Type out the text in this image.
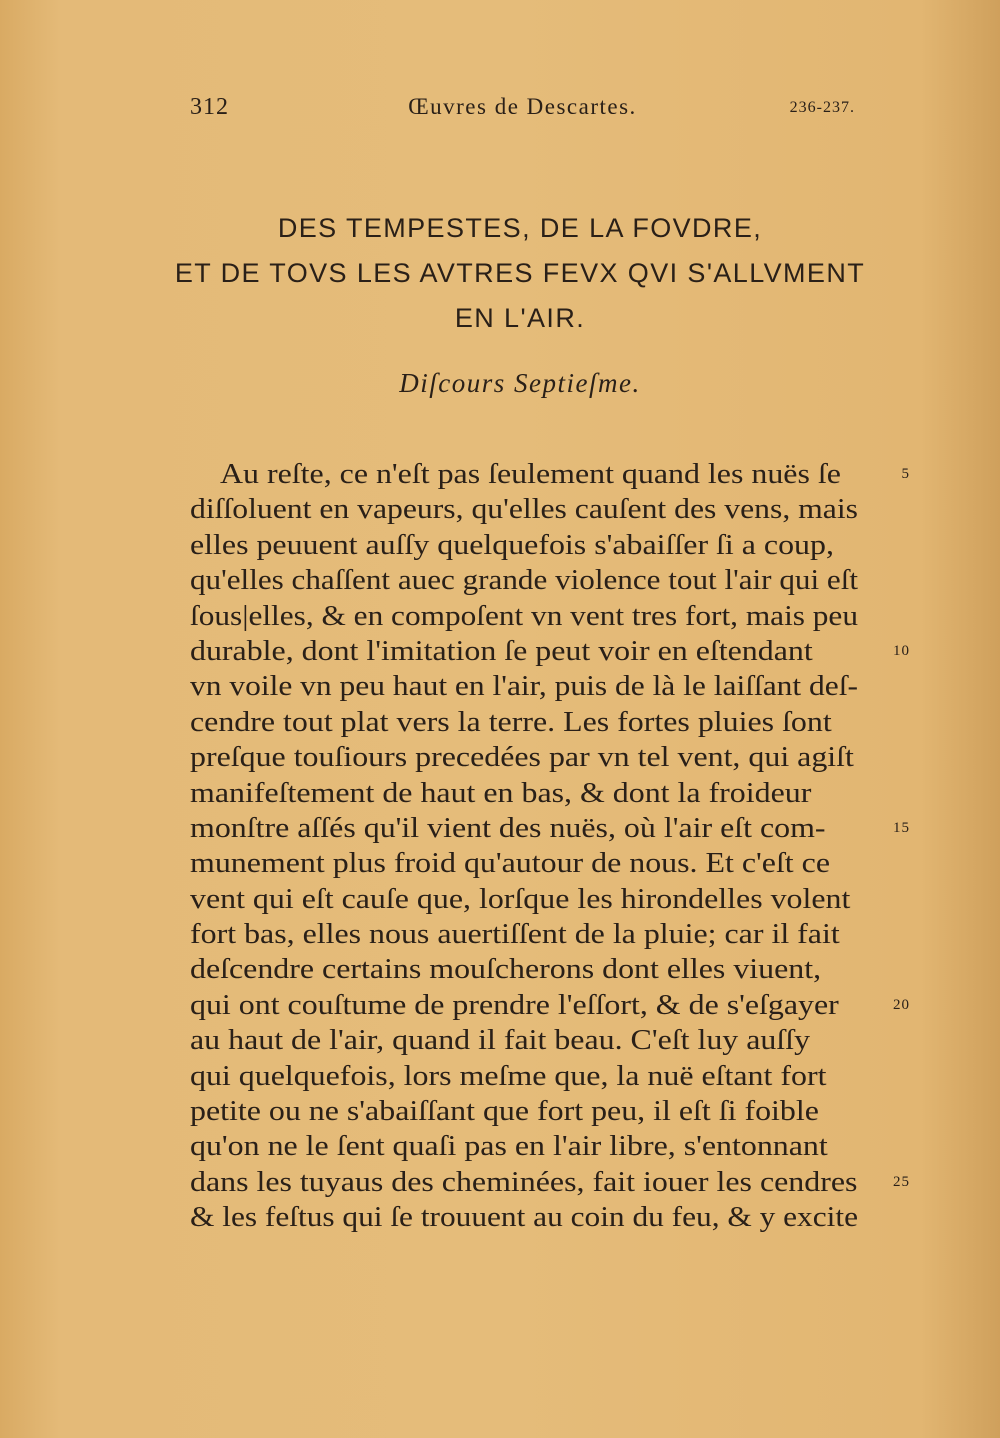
312	Œuvres de Descartes.	236-237.
DES TEMPESTES, DE LA FOVDRE,
ET DE TOVS LES AVTRES FEVX QVI S'ALLVMENT
EN L'AIR.
Diſcours Septieſme.
Au reſte, ce n'eſt pas ſeulement quand les nuës ſe
diſſoluent en vapeurs, qu'elles cauſent des vens, mais
elles peuuent auſſy quelquefois s'abaiſſer ſi a coup,
qu'elles chaſſent auec grande violence tout l'air qui eſt
ſous|elles, & en compoſent vn vent tres fort, mais peu
durable, dont l'imitation ſe peut voir en eſtendant
vn voile vn peu haut en l'air, puis de là le laiſſant deſ-
cendre tout plat vers la terre. Les fortes pluies ſont
preſque touſiours precedées par vn tel vent, qui agiſt
manifeſtement de haut en bas, & dont la froideur
monſtre aſſés qu'il vient des nuës, où l'air eſt com-
munement plus froid qu'autour de nous. Et c'eſt ce
vent qui eſt cauſe que, lorſque les hirondelles volent
fort bas, elles nous auertiſſent de la pluie; car il fait
deſcendre certains mouſcherons dont elles viuent,
qui ont couſtume de prendre l'eſſort, & de s'eſgayer
au haut de l'air, quand il fait beau. C'eſt luy auſſy
qui quelquefois, lors meſme que, la nuë eſtant fort
petite ou ne s'abaiſſant que fort peu, il eſt ſi foible
qu'on ne le ſent quaſi pas en l'air libre, s'entonnant
dans les tuyaus des cheminées, fait iouer les cendres
& les feſtus qui ſe trouuent au coin du feu, & y excite
5
10
15
20
25
